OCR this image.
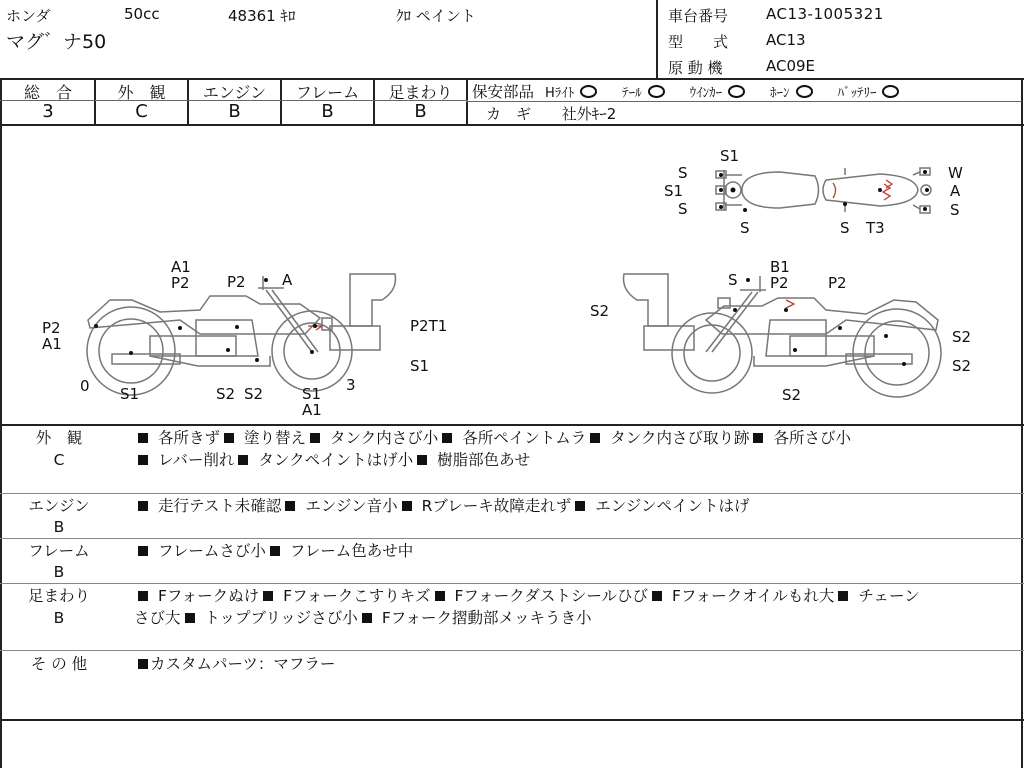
ホンダ	50cc	48361 ｷﾛ	ｸﾛ ペイント
マグ゛ナ50
車台番号	AC13-1005321
型　　式	AC13
原 動 機	AC09E
総　合
3
外　観
C
エンジン
B
フレーム
B
足まわり
B
保安部品 Hﾗｲﾄ	ﾃｰﾙ	ｳｲﾝｶｰ	ﾎｰﾝ	ﾊﾞｯﾃﾘｰ
カ　ギ 社外ｷｰ2
S1
S
S1
S
S
W
A
S
S T3
A1
P2 P2 A
P2
A1
P2T1
S1
0 S1	S2 S2	S1
A1
3
S
B1
P2	P2
S2
S2
S2
S2
外　観
C
各所きず 塗り替え タンク内さび小 各所ペイントムラ タンク内さび取り跡 各所さび小
レバー削れ タンクペイントはげ小 樹脂部色あせ
エンジン
B
走行テスト未確認 エンジン音小 Rブレーキ故障走れず エンジンペイントはげ
フレーム
B
フレームさび小 フレーム色あせ中
足まわり
B
Fフォークぬけ Fフォークこすりキズ Fフォークダストシールひび Fフォークオイルもれ大 チェーン
さび大 トップブリッジさび小 Fフォーク摺動部メッキうき小
そ の 他	カスタムパーツ：マフラー
